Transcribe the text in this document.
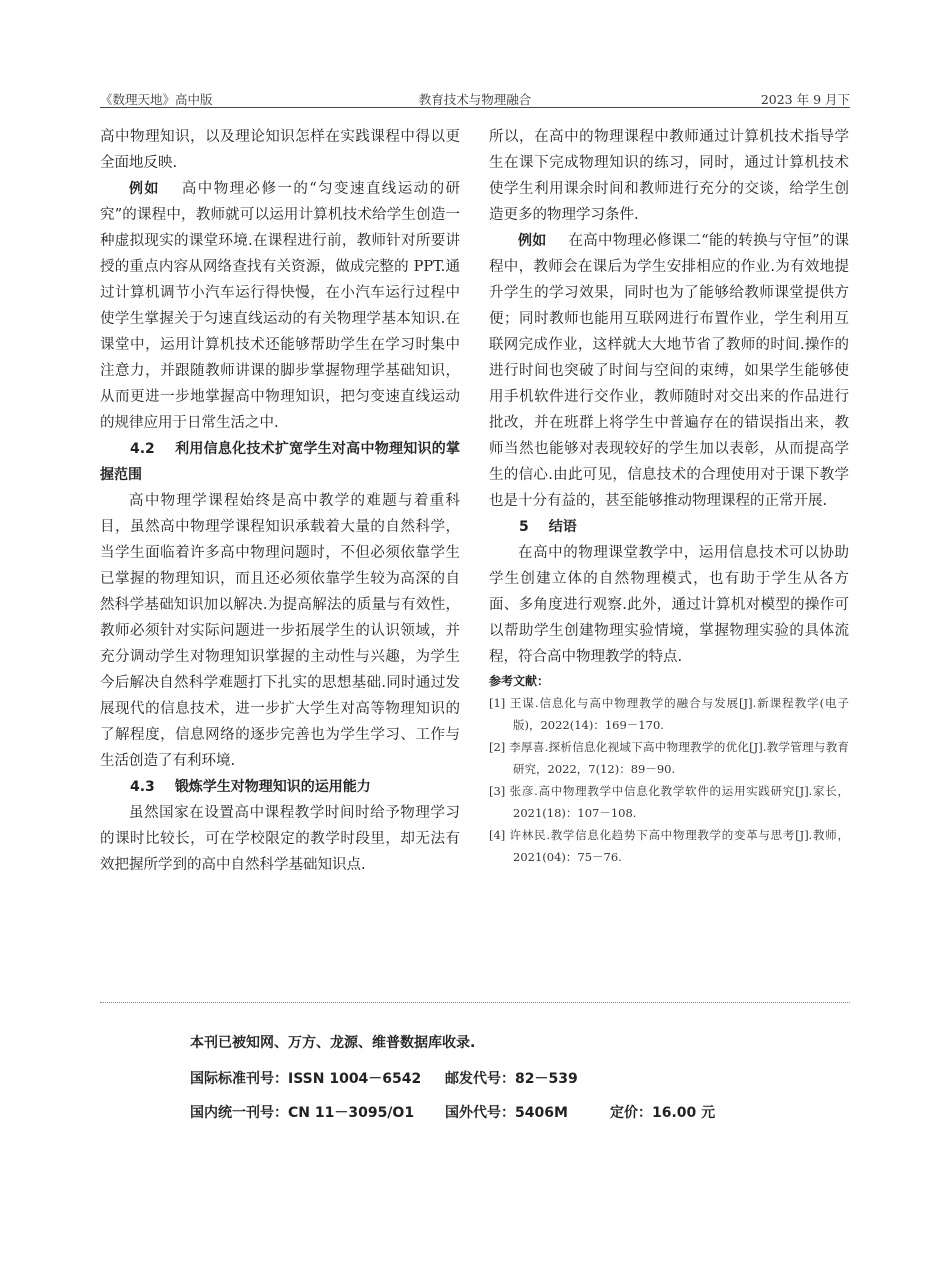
《数理天地》高中版	教育技术与物理融合	2023 年 9 月下

高中物理知识，以及理论知识怎样在实践课程中得以更全面地反映.

例如 高中物理必修一的“匀变速直线运动的研究”的课程中，教师就可以运用计算机技术给学生创造一种虚拟现实的课堂环境.在课程进行前，教师针对所要讲授的重点内容从网络查找有关资源，做成完整的 PPT.通过计算机调节小汽车运行得快慢，在小汽车运行过程中使学生掌握关于匀速直线运动的有关物理学基本知识.在课堂中，运用计算机技术还能够帮助学生在学习时集中注意力，并跟随教师讲课的脚步掌握物理学基础知识，从而更进一步地掌握高中物理知识，把匀变速直线运动的规律应用于日常生活之中.

4.2 利用信息化技术扩宽学生对高中物理知识的掌握范围

高中物理学课程始终是高中教学的难题与着重科目，虽然高中物理学课程知识承载着大量的自然科学，当学生面临着许多高中物理问题时，不但必须依靠学生已掌握的物理知识，而且还必须依靠学生较为高深的自然科学基础知识加以解决.为提高解法的质量与有效性，教师必须针对实际问题进一步拓展学生的认识领域，并充分调动学生对物理知识掌握的主动性与兴趣，为学生今后解决自然科学难题打下扎实的思想基础.同时通过发展现代的信息技术，进一步扩大学生对高等物理知识的了解程度，信息网络的逐步完善也为学生学习、工作与生活创造了有利环境.

4.3 锻炼学生对物理知识的运用能力

虽然国家在设置高中课程教学时间时给予物理学习的课时比较长，可在学校限定的教学时段里，却无法有效把握所学到的高中自然科学基础知识点.

所以，在高中的物理课程中教师通过计算机技术指导学生在课下完成物理知识的练习，同时，通过计算机技术使学生利用课余时间和教师进行充分的交谈，给学生创造更多的物理学习条件.

例如 在高中物理必修课二“能的转换与守恒”的课程中，教师会在课后为学生安排相应的作业.为有效地提升学生的学习效果，同时也为了能够给教师课堂提供方便；同时教师也能用互联网进行布置作业，学生利用互联网完成作业，这样就大大地节省了教师的时间.操作的进行时间也突破了时间与空间的束缚，如果学生能够使用手机软件进行交作业，教师随时对交出来的作品进行批改，并在班群上将学生中普遍存在的错误指出来，教师当然也能够对表现较好的学生加以表彰，从而提高学生的信心.由此可见，信息技术的合理使用对于课下教学也是十分有益的，甚至能够推动物理课程的正常开展.

5 结语

在高中的物理课堂教学中，运用信息技术可以协助学生创建立体的自然物理模式，也有助于学生从各方面、多角度进行观察.此外，通过计算机对模型的操作可以帮助学生创建物理实验情境，掌握物理实验的具体流程，符合高中物理教学的特点.

参考文献：
[1] 王谋.信息化与高中物理教学的融合与发展[J].新课程教学(电子版)，2022(14)：169－170.
[2] 李厚喜.探析信息化视域下高中物理教学的优化[J].教学管理与教育研究，2022，7(12)：89－90.
[3] 张彦.高中物理教学中信息化教学软件的运用实践研究[J].家长，2021(18)：107－108.
[4] 许林民.教学信息化趋势下高中物理教学的变革与思考[J].教师，2021(04)：75－76.
本刊已被知网、万方、龙源、维普数据库收录.
国际标准刊号：ISSN 1004－6542 邮发代号：82－539
国内统一刊号：CN 11－3095/O1 国外代号：5406M	定价：16.00 元
